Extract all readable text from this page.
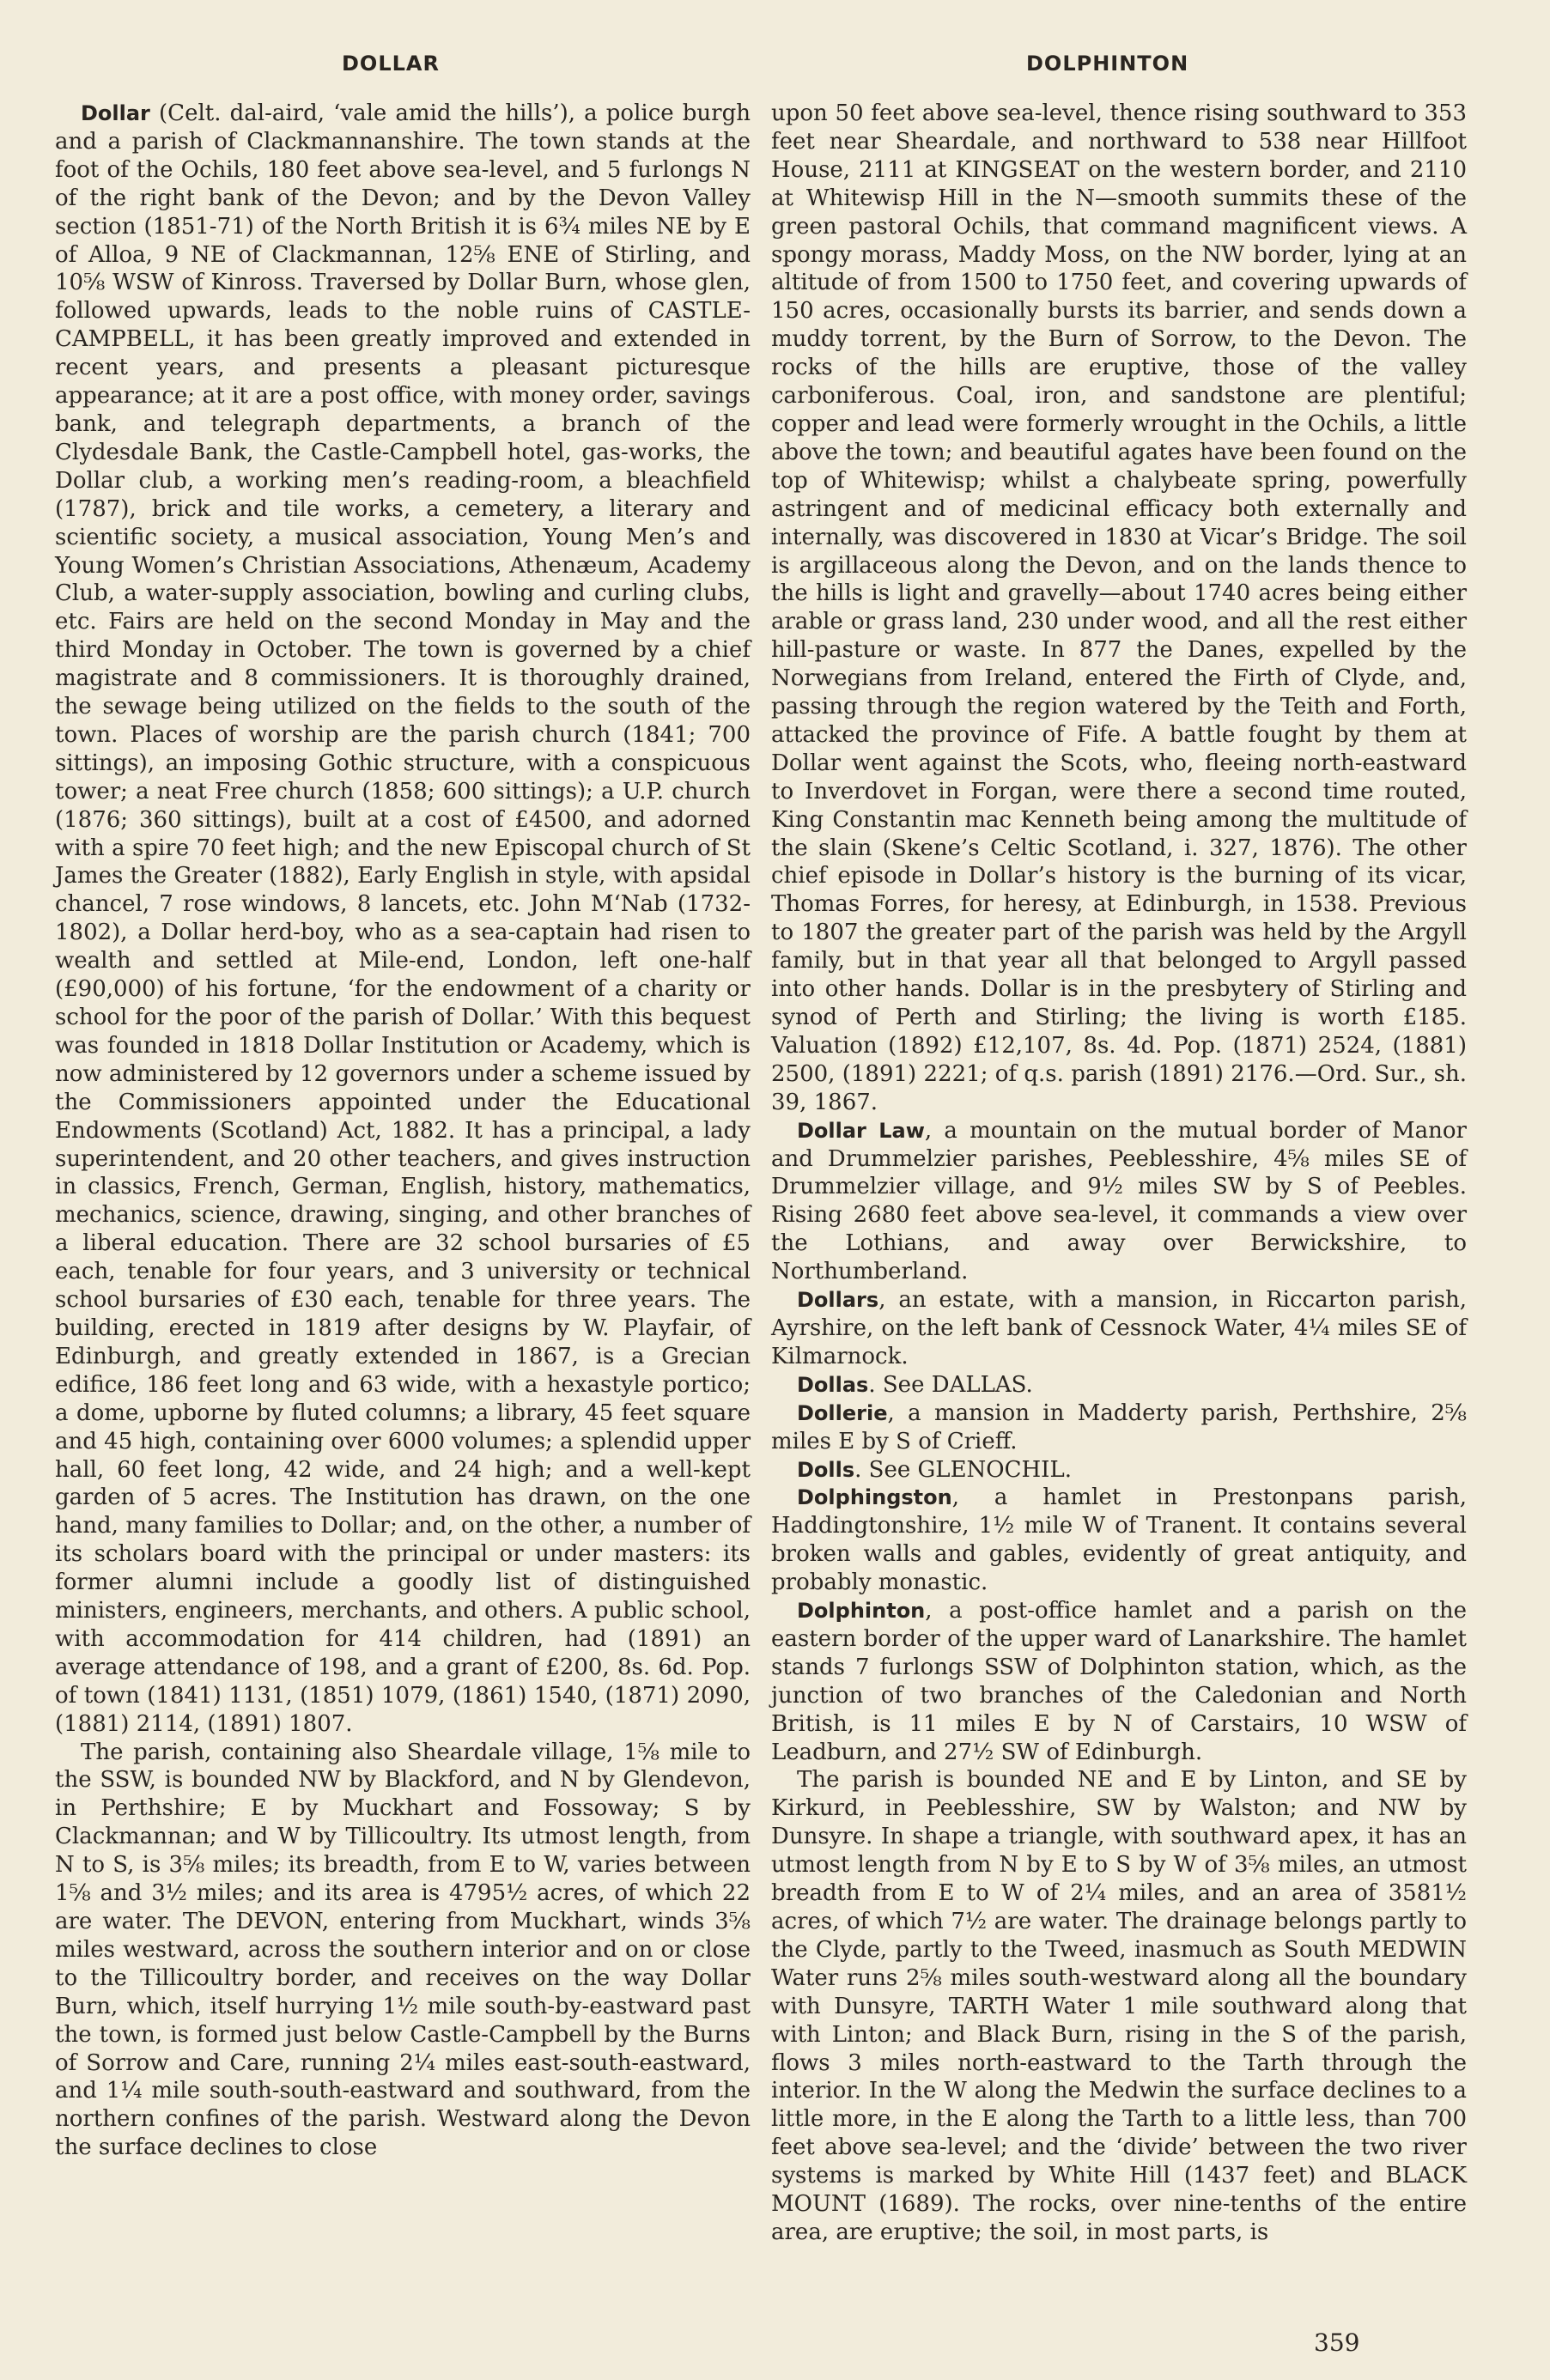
DOLLAR	DOLPHINTON

Dollar (Celt. dal-aird, ‘vale amid the hills’), a police burgh and a parish of Clackmannanshire. The town stands at the foot of the Ochils, 180 feet above sea-level, and 5 furlongs N of the right bank of the Devon; and by the Devon Valley section (1851-71) of the North British it is 6¾ miles NE by E of Alloa, 9 NE of Clackmannan, 12⅝ ENE of Stirling, and 10⅝ WSW of Kinross. Traversed by Dollar Burn, whose glen, followed upwards, leads to the noble ruins of CASTLE-CAMPBELL, it has been greatly improved and extended in recent years, and presents a pleasant picturesque appearance; at it are a post office, with money order, savings bank, and telegraph departments, a branch of the Clydesdale Bank, the Castle-Campbell hotel, gas-works, the Dollar club, a working men’s reading-room, a bleachfield (1787), brick and tile works, a cemetery, a literary and scientific society, a musical association, Young Men’s and Young Women’s Christian Associations, Athenæum, Academy Club, a water-supply association, bowling and curling clubs, etc. Fairs are held on the second Monday in May and the third Monday in October. The town is governed by a chief magistrate and 8 commissioners. It is thoroughly drained, the sewage being utilized on the fields to the south of the town. Places of worship are the parish church (1841; 700 sittings), an imposing Gothic structure, with a conspicuous tower; a neat Free church (1858; 600 sittings); a U.P. church (1876; 360 sittings), built at a cost of £4500, and adorned with a spire 70 feet high; and the new Episcopal church of St James the Greater (1882), Early English in style, with apsidal chancel, 7 rose windows, 8 lancets, etc. John M‘Nab (1732-1802), a Dollar herd-boy, who as a sea-captain had risen to wealth and settled at Mile-end, London, left one-half (£90,000) of his fortune, ‘for the endowment of a charity or school for the poor of the parish of Dollar.’ With this bequest was founded in 1818 Dollar Institution or Academy, which is now administered by 12 governors under a scheme issued by the Commissioners appointed under the Educational Endowments (Scotland) Act, 1882. It has a principal, a lady superintendent, and 20 other teachers, and gives instruction in classics, French, German, English, history, mathematics, mechanics, science, drawing, singing, and other branches of a liberal education. There are 32 school bursaries of £5 each, tenable for four years, and 3 university or technical school bursaries of £30 each, tenable for three years. The building, erected in 1819 after designs by W. Playfair, of Edinburgh, and greatly extended in 1867, is a Grecian edifice, 186 feet long and 63 wide, with a hexastyle portico; a dome, upborne by fluted columns; a library, 45 feet square and 45 high, containing over 6000 volumes; a splendid upper hall, 60 feet long, 42 wide, and 24 high; and a well-kept garden of 5 acres. The Institution has drawn, on the one hand, many families to Dollar; and, on the other, a number of its scholars board with the principal or under masters: its former alumni include a goodly list of distinguished ministers, engineers, merchants, and others. A public school, with accommodation for 414 children, had (1891) an average attendance of 198, and a grant of £200, 8s. 6d. Pop. of town (1841) 1131, (1851) 1079, (1861) 1540, (1871) 2090, (1881) 2114, (1891) 1807.

The parish, containing also Sheardale village, 1⅝ mile to the SSW, is bounded NW by Blackford, and N by Glendevon, in Perthshire; E by Muckhart and Fossoway; S by Clackmannan; and W by Tillicoultry. Its utmost length, from N to S, is 3⅝ miles; its breadth, from E to W, varies between 1⅝ and 3½ miles; and its area is 4795½ acres, of which 22 are water. The DEVON, entering from Muckhart, winds 3⅝ miles westward, across the southern interior and on or close to the Tillicoultry border, and receives on the way Dollar Burn, which, itself hurrying 1½ mile south-by-eastward past the town, is formed just below Castle-Campbell by the Burns of Sorrow and Care, running 2¼ miles east-south-eastward, and 1¼ mile south-south-eastward and southward, from the northern confines of the parish. Westward along the Devon the surface declines to close

upon 50 feet above sea-level, thence rising southward to 353 feet near Sheardale, and northward to 538 near Hillfoot House, 2111 at KINGSEAT on the western border, and 2110 at Whitewisp Hill in the N—smooth summits these of the green pastoral Ochils, that command magnificent views. A spongy morass, Maddy Moss, on the NW border, lying at an altitude of from 1500 to 1750 feet, and covering upwards of 150 acres, occasionally bursts its barrier, and sends down a muddy torrent, by the Burn of Sorrow, to the Devon. The rocks of the hills are eruptive, those of the valley carboniferous. Coal, iron, and sandstone are plentiful; copper and lead were formerly wrought in the Ochils, a little above the town; and beautiful agates have been found on the top of Whitewisp; whilst a chalybeate spring, powerfully astringent and of medicinal efficacy both externally and internally, was discovered in 1830 at Vicar’s Bridge. The soil is argillaceous along the Devon, and on the lands thence to the hills is light and gravelly—about 1740 acres being either arable or grass land, 230 under wood, and all the rest either hill-pasture or waste. In 877 the Danes, expelled by the Norwegians from Ireland, entered the Firth of Clyde, and, passing through the region watered by the Teith and Forth, attacked the province of Fife. A battle fought by them at Dollar went against the Scots, who, fleeing north-eastward to Inverdovet in Forgan, were there a second time routed, King Constantin mac Kenneth being among the multitude of the slain (Skene’s Celtic Scotland, i. 327, 1876). The other chief episode in Dollar’s history is the burning of its vicar, Thomas Forres, for heresy, at Edinburgh, in 1538. Previous to 1807 the greater part of the parish was held by the Argyll family, but in that year all that belonged to Argyll passed into other hands. Dollar is in the presbytery of Stirling and synod of Perth and Stirling; the living is worth £185. Valuation (1892) £12,107, 8s. 4d. Pop. (1871) 2524, (1881) 2500, (1891) 2221; of q.s. parish (1891) 2176.—Ord. Sur., sh. 39, 1867.

Dollar Law, a mountain on the mutual border of Manor and Drummelzier parishes, Peeblesshire, 4⅝ miles SE of Drummelzier village, and 9½ miles SW by S of Peebles. Rising 2680 feet above sea-level, it commands a view over the Lothians, and away over Berwickshire, to Northumberland.

Dollars, an estate, with a mansion, in Riccarton parish, Ayrshire, on the left bank of Cessnock Water, 4¼ miles SE of Kilmarnock.

Dollas. See DALLAS.

Dollerie, a mansion in Madderty parish, Perthshire, 2⅝ miles E by S of Crieff.

Dolls. See GLENOCHIL.

Dolphingston, a hamlet in Prestonpans parish, Haddingtonshire, 1½ mile W of Tranent. It contains several broken walls and gables, evidently of great antiquity, and probably monastic.

Dolphinton, a post-office hamlet and a parish on the eastern border of the upper ward of Lanarkshire. The hamlet stands 7 furlongs SSW of Dolphinton station, which, as the junction of two branches of the Caledonian and North British, is 11 miles E by N of Carstairs, 10 WSW of Leadburn, and 27½ SW of Edinburgh.

The parish is bounded NE and E by Linton, and SE by Kirkurd, in Peeblesshire, SW by Walston; and NW by Dunsyre. In shape a triangle, with southward apex, it has an utmost length from N by E to S by W of 3⅝ miles, an utmost breadth from E to W of 2¼ miles, and an area of 3581½ acres, of which 7½ are water. The drainage belongs partly to the Clyde, partly to the Tweed, inasmuch as South MEDWIN Water runs 2⅝ miles south-westward along all the boundary with Dunsyre, TARTH Water 1 mile southward along that with Linton; and Black Burn, rising in the S of the parish, flows 3 miles north-eastward to the Tarth through the interior. In the W along the Medwin the surface declines to a little more, in the E along the Tarth to a little less, than 700 feet above sea-level; and the ‘divide’ between the two river systems is marked by White Hill (1437 feet) and BLACK MOUNT (1689). The rocks, over nine-tenths of the entire area, are eruptive; the soil, in most parts, is

359
